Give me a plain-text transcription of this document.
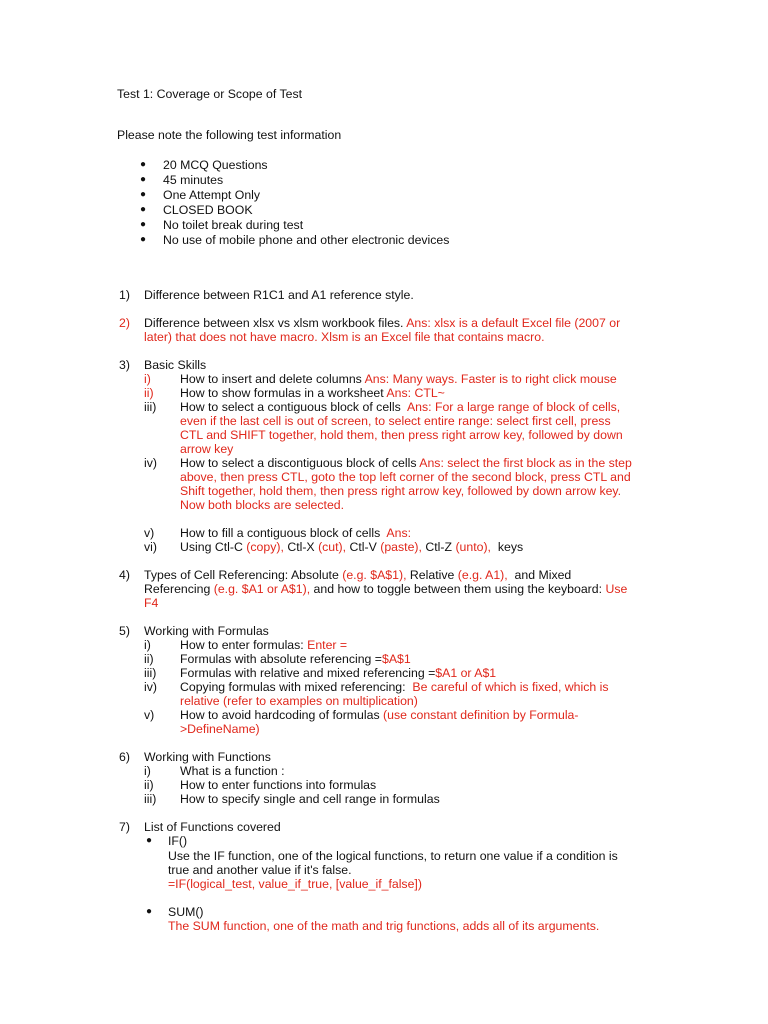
Test 1: Coverage or Scope of Test
Please note the following test information
● 20 MCQ Questions
● 45 minutes
● One Attempt Only
● CLOSED BOOK
● No toilet break during test
● No use of mobile phone and other electronic devices
1) Difference between R1C1 and A1 reference style.
2) Difference between xlsx vs xlsm workbook files. Ans: xlsx is a default Excel file (2007 or
later) that does not have macro. Xlsm is an Excel file that contains macro.
3) Basic Skills
i) How to insert and delete columns Ans: Many ways. Faster is to right click mouse
ii) How to show formulas in a worksheet Ans: CTL~
iii) How to select a contiguous block of cells Ans: For a large range of block of cells,
even if the last cell is out of screen, to select entire range: select first cell, press
CTL and SHIFT together, hold them, then press right arrow key, followed by down
arrow key
iv) How to select a discontiguous block of cells Ans: select the first block as in the step
above, then press CTL, goto the top left corner of the second block, press CTL and
Shift together, hold them, then press right arrow key, followed by down arrow key.
Now both blocks are selected.
v) How to fill a contiguous block of cells Ans:
vi) Using Ctl-C (copy), Ctl-X (cut), Ctl-V (paste), Ctl-Z (unto), keys
4) Types of Cell Referencing: Absolute (e.g. $A$1), Relative (e.g. A1), and Mixed
Referencing (e.g. $A1 or A$1), and how to toggle between them using the keyboard: Use
F4
5) Working with Formulas
i) How to enter formulas: Enter =
ii) Formulas with absolute referencing =$A$1
iii) Formulas with relative and mixed referencing =$A1 or A$1
iv) Copying formulas with mixed referencing: Be careful of which is fixed, which is
relative (refer to examples on multiplication)
v) How to avoid hardcoding of formulas (use constant definition by Formula-
>DefineName)
6) Working with Functions
i) What is a function :
ii) How to enter functions into formulas
iii) How to specify single and cell range in formulas
7) List of Functions covered
● IF()
Use the IF function, one of the logical functions, to return one value if a condition is
true and another value if it's false.
=IF(logical_test, value_if_true, [value_if_false])
● SUM()
The SUM function, one of the math and trig functions, adds all of its arguments.
